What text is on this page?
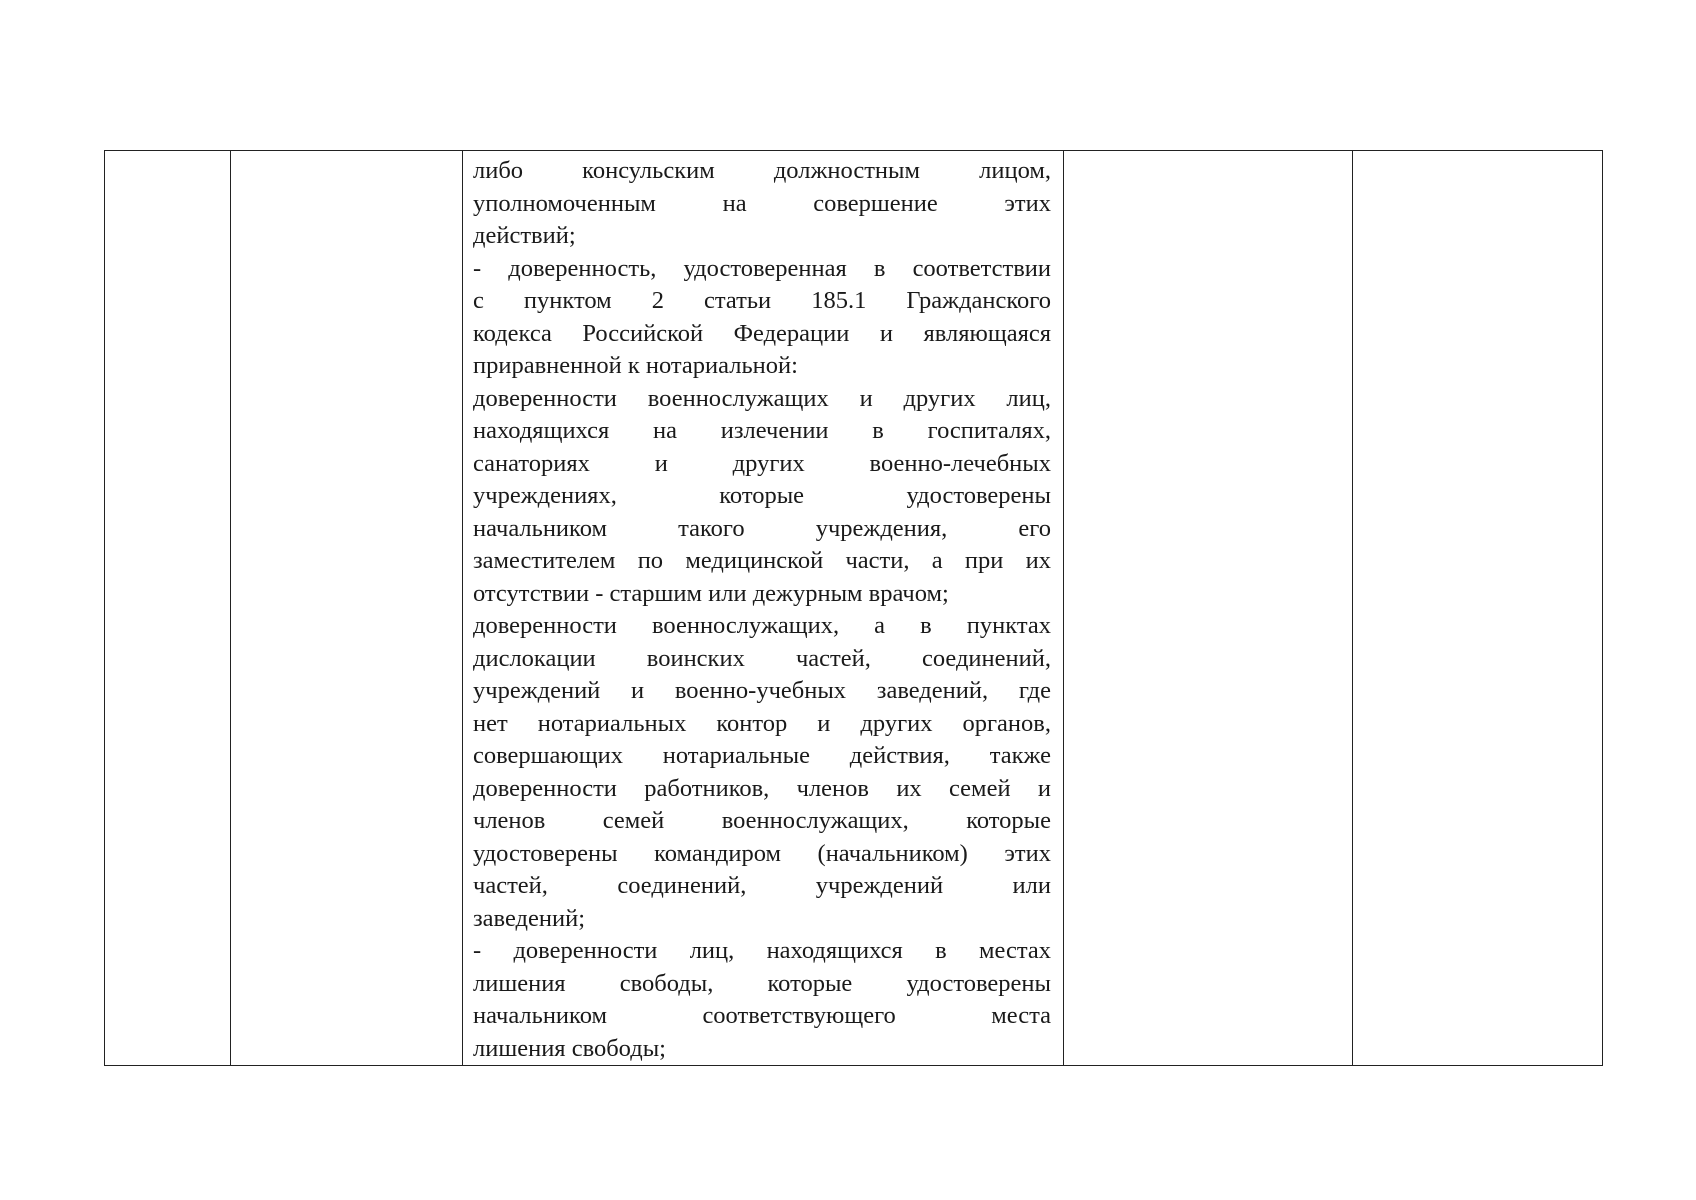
либо консульским должностным лицом,
уполномоченным на совершение этих
действий;
- доверенность, удостоверенная в соответствии
с пунктом 2 статьи 185.1 Гражданского
кодекса Российской Федерации и являющаяся
приравненной к нотариальной:
доверенности военнослужащих и других лиц,
находящихся на излечении в госпиталях,
санаториях и других военно-лечебных
учреждениях, которые удостоверены
начальником такого учреждения, его
заместителем по медицинской части, а при их
отсутствии - старшим или дежурным врачом;
доверенности военнослужащих, а в пунктах
дислокации воинских частей, соединений,
учреждений и военно-учебных заведений, где
нет нотариальных контор и других органов,
совершающих нотариальные действия, также
доверенности работников, членов их семей и
членов семей военнослужащих, которые
удостоверены командиром (начальником) этих
частей, соединений, учреждений или
заведений;
- доверенности лиц, находящихся в местах
лишения свободы, которые удостоверены
начальником соответствующего места
лишения свободы;
